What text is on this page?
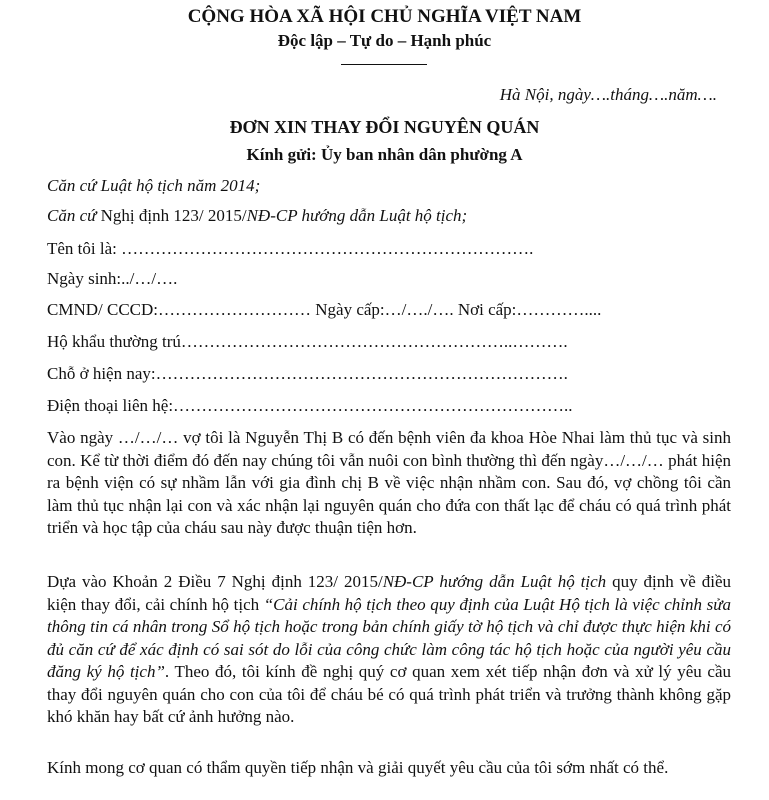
CỘNG HÒA XÃ HỘI CHỦ NGHĨA VIỆT NAM
Độc lập – Tự do – Hạnh phúc
Hà Nội, ngày….tháng….năm….
ĐƠN XIN THAY ĐỔI NGUYÊN QUÁN
Kính gửi: Ủy ban nhân dân phường A
Căn cứ Luật hộ tịch năm 2014;
Căn cứ Nghị định 123/ 2015/NĐ-CP hướng dẫn Luật hộ tịch;
Tên tôi là: ……………………………………………………………….
Ngày sinh:../…/….
CMND/ CCCD:……………………… Ngày cấp:…/…./…. Nơi cấp:…………....
Hộ khẩu thường trú…………………………………………………..……….
Chỗ ở hiện nay:……………………………………………………………….
Điện thoại liên hệ:……………………………………………………………..
Vào ngày …/…/… vợ tôi là Nguyễn Thị B có đến bệnh viên đa khoa Hòe Nhai làm thủ tục và sinh con. Kể từ thời điểm đó đến nay chúng tôi vẫn nuôi con bình thường thì đến ngày…/…/… phát hiện ra bệnh viện có sự nhầm lẫn với gia đình chị B về việc nhận nhầm con. Sau đó, vợ chồng tôi cần làm thủ tục nhận lại con và xác nhận lại nguyên quán cho đứa con thất lạc để cháu có quá trình phát triển và học tập của cháu sau này được thuận tiện hơn.
Dựa vào Khoản 2 Điều 7 Nghị định 123/ 2015/NĐ-CP hướng dẫn Luật hộ tịch quy định về điều kiện thay đổi, cải chính hộ tịch “Cải chính hộ tịch theo quy định của Luật Hộ tịch là việc chỉnh sửa thông tin cá nhân trong Sổ hộ tịch hoặc trong bản chính giấy tờ hộ tịch và chỉ được thực hiện khi có đủ căn cứ để xác định có sai sót do lỗi của công chức làm công tác hộ tịch hoặc của người yêu cầu đăng ký hộ tịch”. Theo đó, tôi kính đề nghị quý cơ quan xem xét tiếp nhận đơn và xử lý yêu cầu thay đổi nguyên quán cho con của tôi để cháu bé có quá trình phát triển và trưởng thành không gặp khó khăn hay bất cứ ảnh hưởng nào.
Kính mong cơ quan có thẩm quyền tiếp nhận và giải quyết yêu cầu của tôi sớm nhất có thể.
